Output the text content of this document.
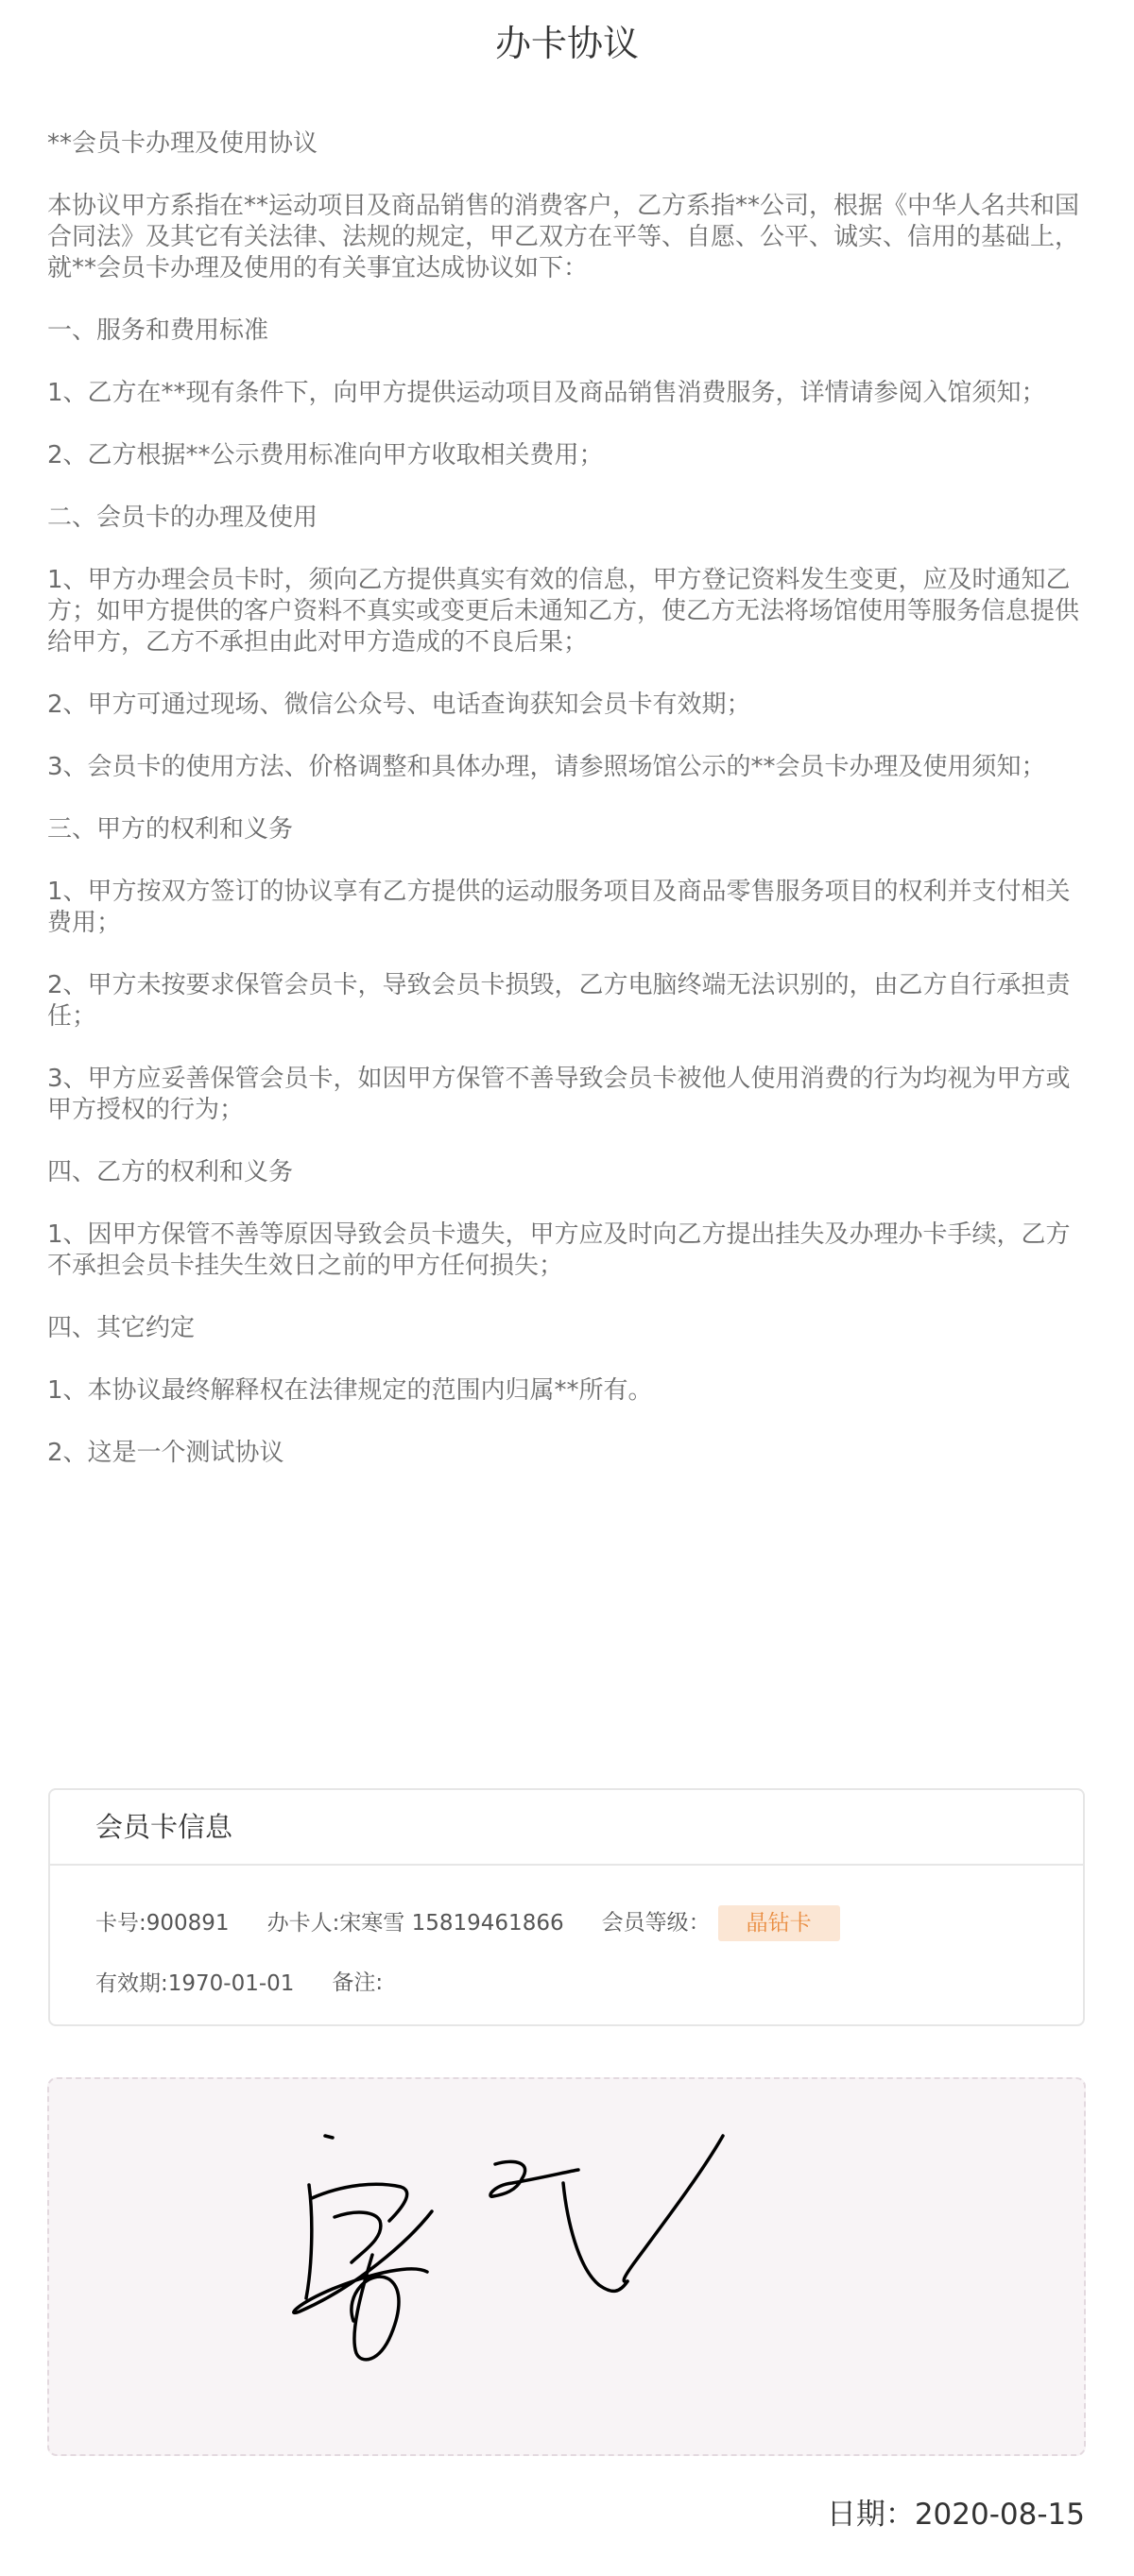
办卡协议

**会员卡办理及使用协议

本协议甲方系指在**运动项目及商品销售的消费客户，乙方系指**公司，根据《中华人名共和国合同法》及其它有关法律、法规的规定，甲乙双方在平等、自愿、公平、诚实、信用的基础上，就**会员卡办理及使用的有关事宜达成协议如下：

一、服务和费用标准

1、乙方在**现有条件下，向甲方提供运动项目及商品销售消费服务，详情请参阅入馆须知；

2、乙方根据**公示费用标准向甲方收取相关费用；

二、会员卡的办理及使用

1、甲方办理会员卡时，须向乙方提供真实有效的信息，甲方登记资料发生变更，应及时通知乙方；如甲方提供的客户资料不真实或变更后未通知乙方，使乙方无法将场馆使用等服务信息提供给甲方，乙方不承担由此对甲方造成的不良后果；

2、甲方可通过现场、微信公众号、电话查询获知会员卡有效期；

3、会员卡的使用方法、价格调整和具体办理，请参照场馆公示的**会员卡办理及使用须知；

三、甲方的权利和义务

1、甲方按双方签订的协议享有乙方提供的运动服务项目及商品零售服务项目的权利并支付相关费用；

2、甲方未按要求保管会员卡，导致会员卡损毁，乙方电脑终端无法识别的，由乙方自行承担责任；

3、甲方应妥善保管会员卡，如因甲方保管不善导致会员卡被他人使用消费的行为均视为甲方或甲方授权的行为；

四、乙方的权利和义务

1、因甲方保管不善等原因导致会员卡遗失，甲方应及时向乙方提出挂失及办理办卡手续，乙方不承担会员卡挂失生效日之前的甲方任何损失；

四、其它约定

1、本协议最终解释权在法律规定的范围内归属**所有。

2、这是一个测试协议

会员卡信息
卡号:900891 办卡人:宋寒雪 15819461866 会员等级： 晶钻卡
有效期:1970-01-01 备注:
日期：2020-08-15
